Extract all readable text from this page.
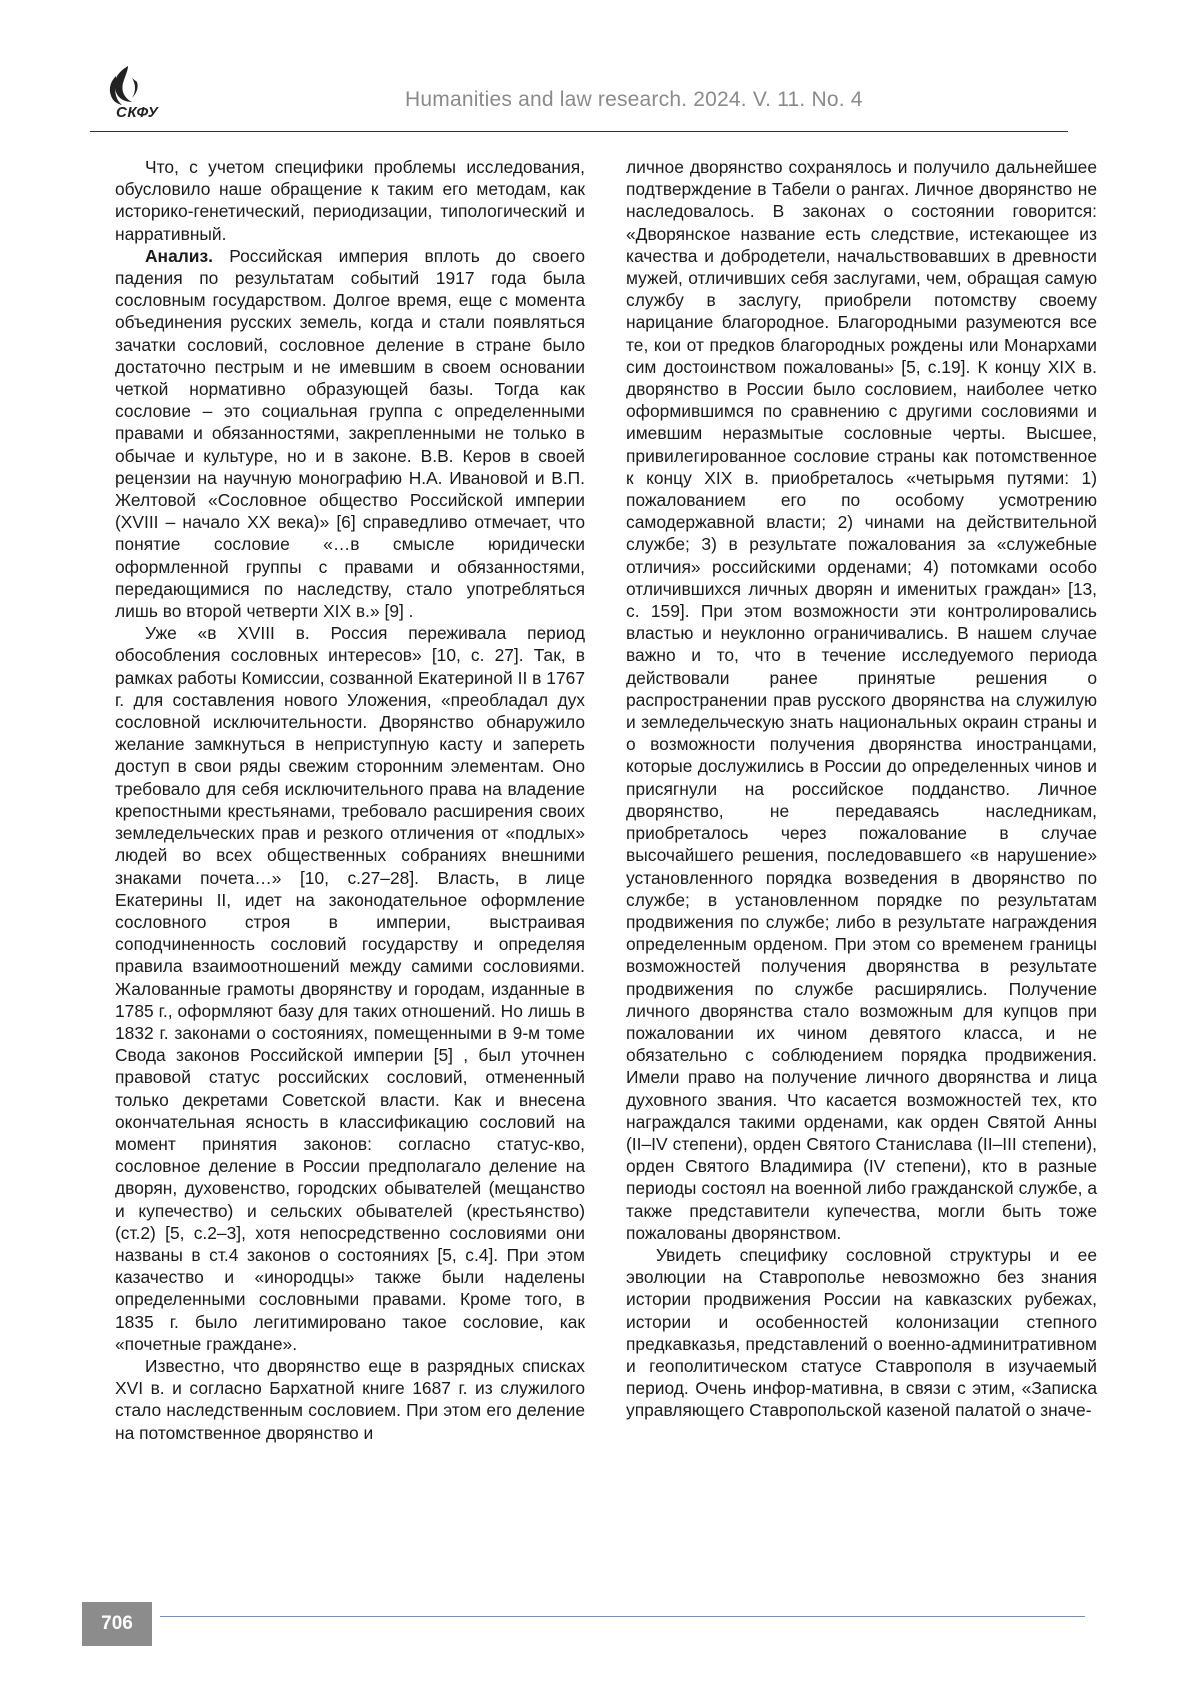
СКФУ
Humanities and law research. 2024. V. 11. No. 4

Что, с учетом специфики проблемы исследования, обусловило наше обращение к таким его методам, как историко-генетический, периодизации, типологический и нарративный.

Анализ. Российская империя вплоть до своего падения по результатам событий 1917 года была сословным государством. Долгое время, еще с момента объединения русских земель, когда и стали появляться зачатки сословий, сословное деление в стране было достаточно пестрым и не имевшим в своем основании четкой нормативно образующей базы. Тогда как сословие – это социальная группа с определенными правами и обязанностями, закрепленными не только в обычае и культуре, но и в законе. В.В. Керов в своей рецензии на научную монографию Н.А. Ивановой и В.П. Желтовой «Сословное общество Российской империи (XVIII – начало XX века)» [6] справедливо отмечает, что понятие сословие «…в смысле юридически оформленной группы с правами и обязанностями, передающимися по наследству, стало употребляться лишь во второй четверти XIX в.» [9] .

Уже «в XVIII в. Россия переживала период обособления сословных интересов» [10, с. 27]. Так, в рамках работы Комиссии, созванной Екатериной II в 1767 г. для составления нового Уложения, «преобладал дух сословной исключительности. Дворянство обнаружило желание замкнуться в неприступную касту и запереть доступ в свои ряды свежим сторонним элементам. Оно требовало для себя исключительного права на владение крепостными крестьянами, требовало расширения своих земледельческих прав и резкого отличения от «подлых» людей во всех общественных собраниях внешними знаками почета…» [10, с.27–28]. Власть, в лице Екатерины II, идет на законодательное оформление сословного строя в империи, выстраивая соподчиненность сословий государству и определяя правила взаимоотношений между самими сословиями. Жалованные грамоты дворянству и городам, изданные в 1785 г., оформляют базу для таких отношений. Но лишь в 1832 г. законами о состояниях, помещенными в 9-м томе Свода законов Российской империи [5] , был уточнен правовой статус российских сословий, отмененный только декретами Советской власти. Как и внесена окончательная ясность в классификацию сословий на момент принятия законов: согласно статус-кво, сословное деление в России предполагало деление на дворян, духовенство, городских обывателей (мещанство и купечество) и сельских обывателей (крестьянство) (ст.2) [5, с.2–3], хотя непосредственно сословиями они названы в ст.4 законов о состояниях [5, с.4]. При этом казачество и «инородцы» также были наделены определенными сословными правами. Кроме того, в 1835 г. было легитимировано такое сословие, как «почетные граждане».

Известно, что дворянство еще в разрядных списках XVI в. и согласно Бархатной книге 1687 г. из служилого стало наследственным сословием. При этом его деление на потомственное дворянство и

личное дворянство сохранялось и получило дальнейшее подтверждение в Табели о рангах. Личное дворянство не наследовалось. В законах о состоянии говорится: «Дворянское название есть следствие, истекающее из качества и добродетели, начальствовавших в древности мужей, отличивших себя заслугами, чем, обращая самую службу в заслугу, приобрели потомству своему нарицание благородное. Благородными разумеются все те, кои от предков благородных рождены или Монархами сим достоинством пожалованы» [5, с.19]. К концу XIX в. дворянство в России было сословием, наиболее четко оформившимся по сравнению с другими сословиями и имевшим неразмытые сословные черты. Высшее, привилегированное сословие страны как потомственное к концу XIX в. приобреталось «четырьмя путями: 1) пожалованием его по особому усмотрению самодержавной власти; 2) чинами на действительной службе; 3) в результате пожалования за «служебные отличия» российскими орденами; 4) потомками особо отличившихся личных дворян и именитых граждан» [13, с. 159]. При этом возможности эти контролировались властью и неуклонно ограничивались. В нашем случае важно и то, что в течение исследуемого периода действовали ранее принятые решения о распространении прав русского дворянства на служилую и земледельческую знать национальных окраин страны и о возможности получения дворянства иностранцами, которые дослужились в России до определенных чинов и присягнули на российское подданство. Личное дворянство, не передаваясь наследникам, приобреталось через пожалование в случае высочайшего решения, последовавшего «в нарушение» установленного порядка возведения в дворянство по службе; в установленном порядке по результатам продвижения по службе; либо в результате награждения определенным орденом. При этом со временем границы возможностей получения дворянства в результате продвижения по службе расширялись. Получение личного дворянства стало возможным для купцов при пожаловании их чином девятого класса, и не обязательно с соблюдением порядка продвижения. Имели право на получение личного дворянства и лица духовного звания. Что касается возможностей тех, кто награждался такими орденами, как орден Святой Анны (II–IV степени), орден Святого Станислава (II–III степени), орден Святого Владимира (IV степени), кто в разные периоды состоял на военной либо гражданской службе, а также представители купечества, могли быть тоже пожалованы дворянством.

Увидеть специфику сословной структуры и ее эволюции на Ставрополье невозможно без знания истории продвижения России на кавказских рубежах, истории и особенностей колонизации степного предкавказья, представлений о военно-админитративном и геополитическом статусе Ставрополя в изучаемый период. Очень инфор-мативна, в связи с этим, «Записка управляющего Ставропольской казеной палатой о значе-

706
